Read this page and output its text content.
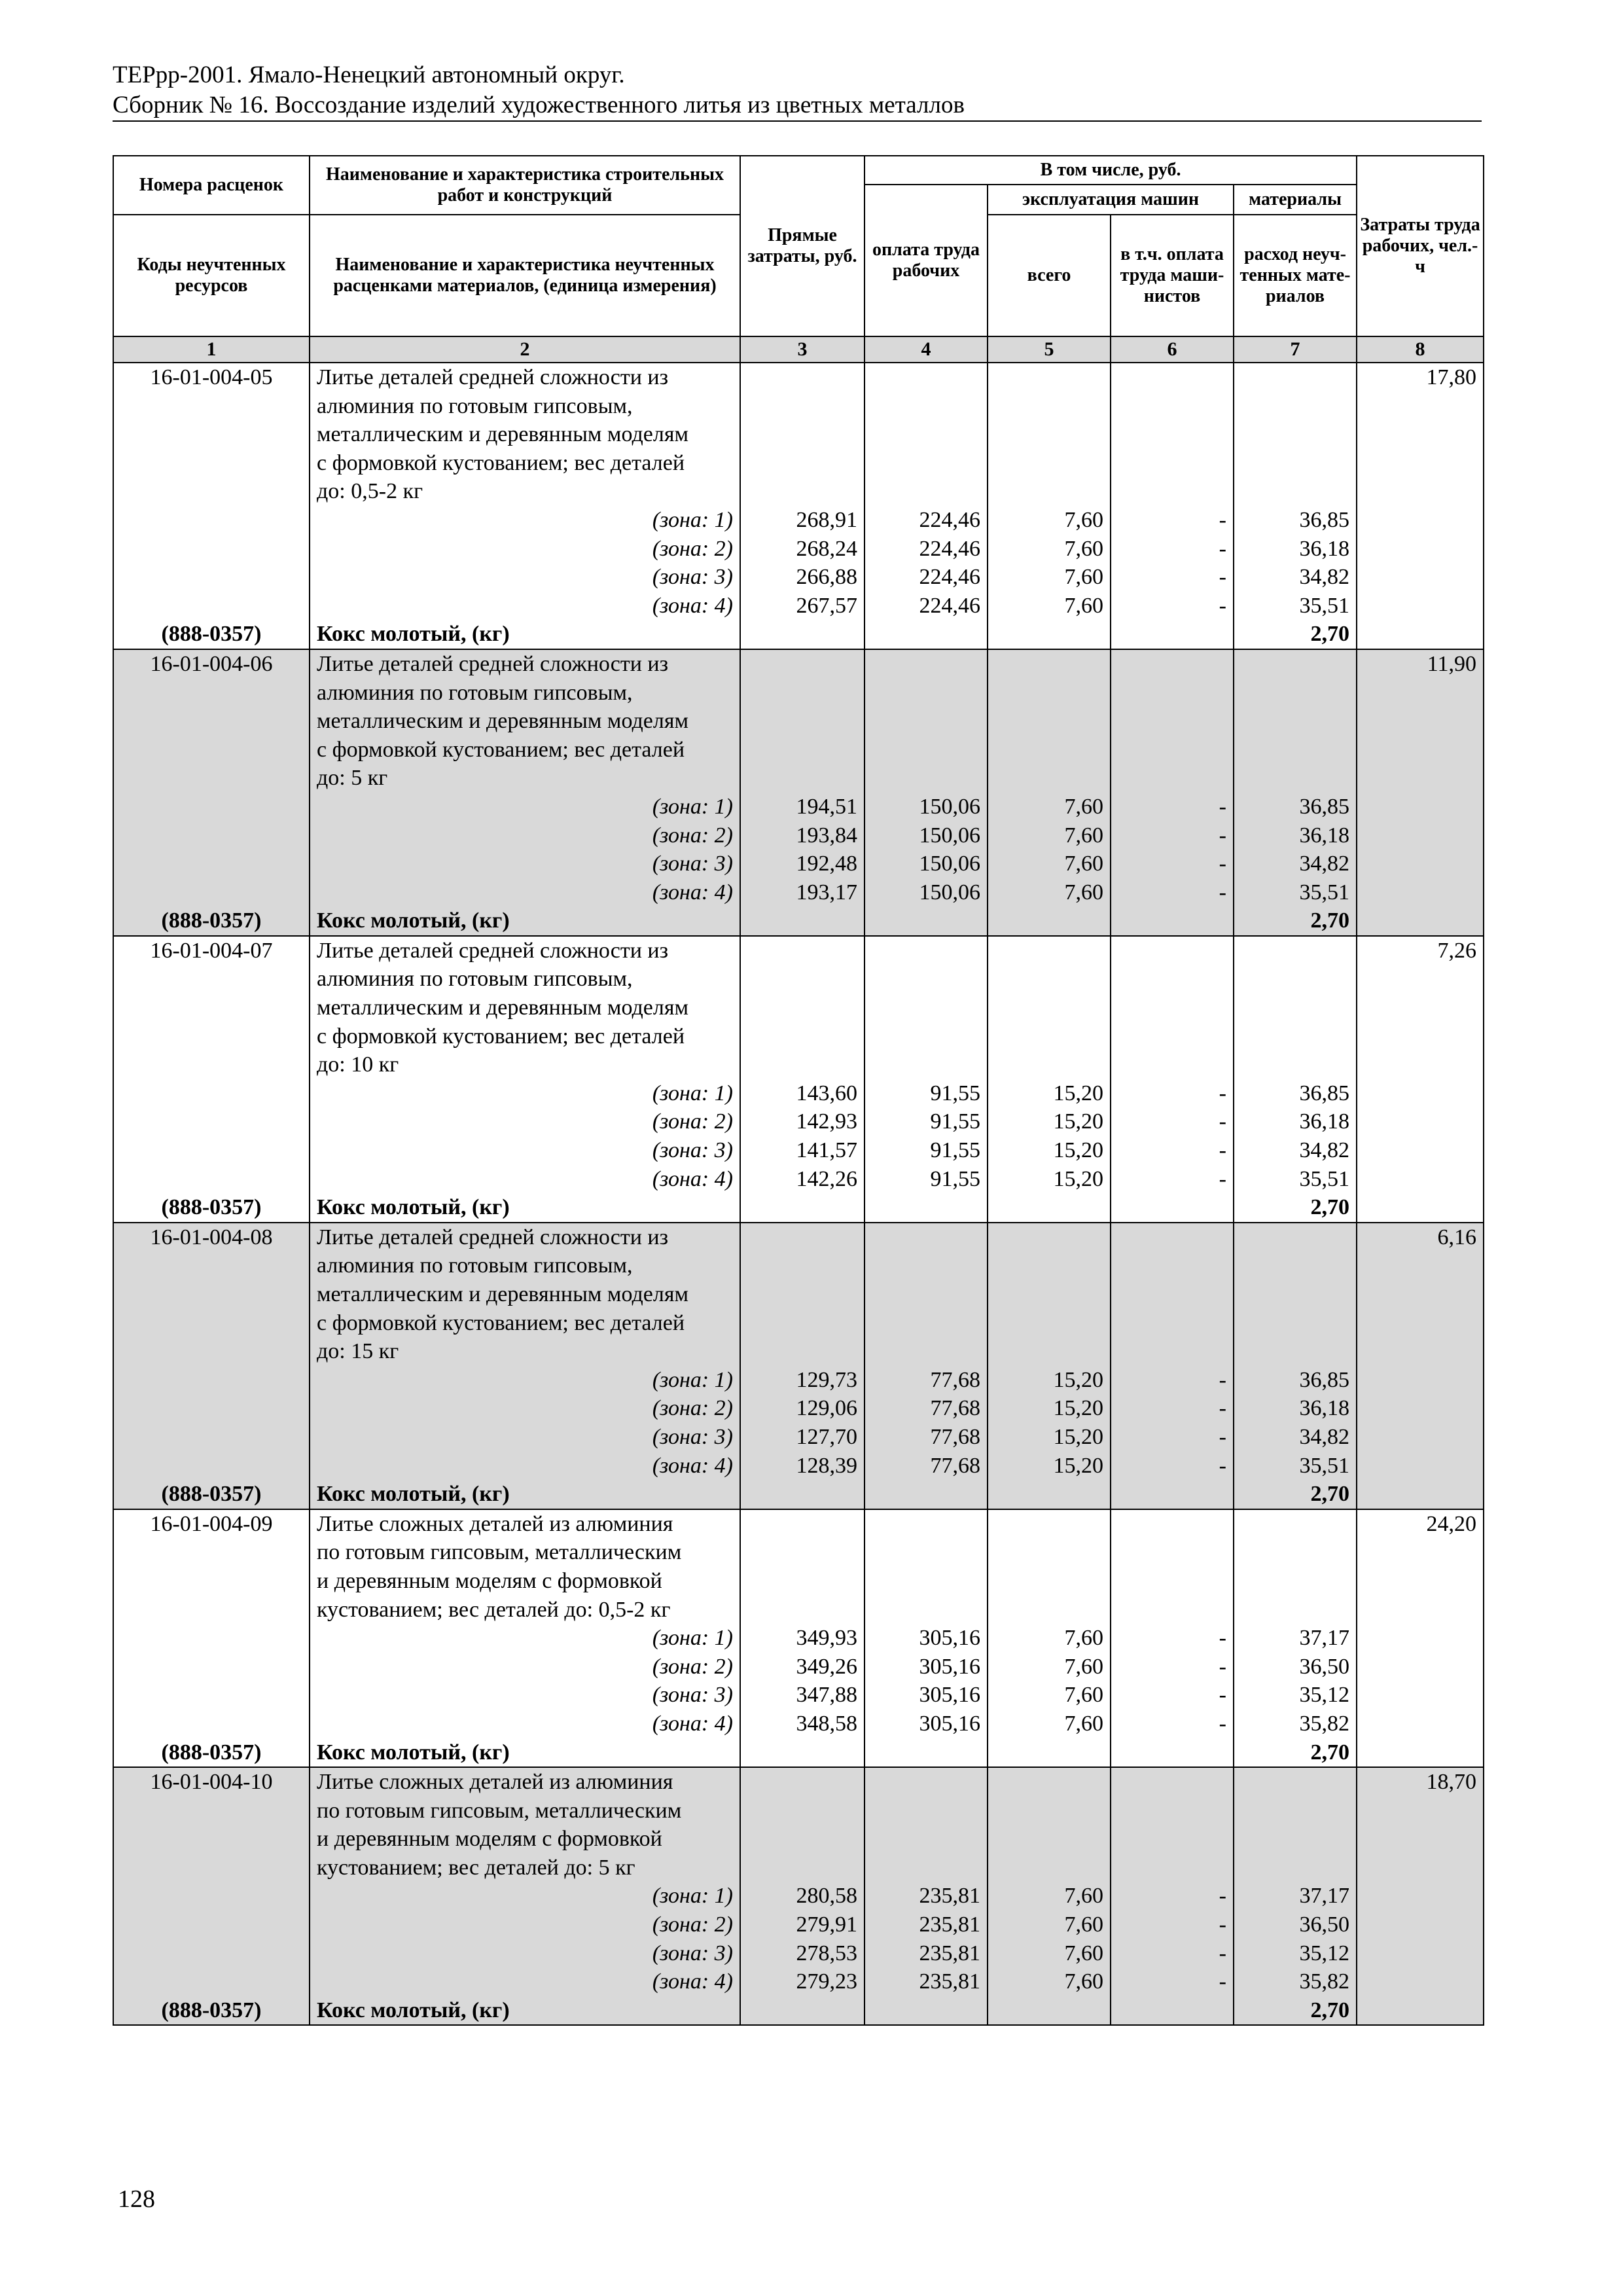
ТЕРрр-2001. Ямало-Ненецкий автономный округ.
Сборник № 16. Воссоздание изделий художественного литья из цветных металлов
Номера расценок	Наименование и характеристика строительных работ и конструкций	Прямые затраты, руб.	В том числе, руб.				Затраты труда рабочих, чел.-ч
			оплата труда рабочих	эксплуатация машин		материалы	
Коды неучтенных ресурсов	Наименование и характеристика неучтенных расценками материалов, (единица измерения)			всего	в т.ч. оплата труда маши-нистов	расход неуч-тенных мате-риалов	

1	2	3	4	5	6	7	8
16-01-004-05	Литье деталей средней сложности из						17,80
	алюминия по готовым гипсовым,						
	металлическим и деревянным моделям						
	с формовкой кустованием; вес деталей						
	до: 0,5-2 кг						
	(зона: 1)	268,91	224,46	7,60	-	36,85	
	(зона: 2)	268,24	224,46	7,60	-	36,18	
	(зона: 3)	266,88	224,46	7,60	-	34,82	
	(зона: 4)	267,57	224,46	7,60	-	35,51	
(888-0357)	Кокс молотый, (кг)					2,70	
16-01-004-06	Литье деталей средней сложности из						11,90
	алюминия по готовым гипсовым,						
	металлическим и деревянным моделям						
	с формовкой кустованием; вес деталей						
	до: 5 кг						
	(зона: 1)	194,51	150,06	7,60	-	36,85	
	(зона: 2)	193,84	150,06	7,60	-	36,18	
	(зона: 3)	192,48	150,06	7,60	-	34,82	
	(зона: 4)	193,17	150,06	7,60	-	35,51	
(888-0357)	Кокс молотый, (кг)					2,70	
16-01-004-07	Литье деталей средней сложности из						7,26
	алюминия по готовым гипсовым,						
	металлическим и деревянным моделям						
	с формовкой кустованием; вес деталей						
	до: 10 кг						
	(зона: 1)	143,60	91,55	15,20	-	36,85	
	(зона: 2)	142,93	91,55	15,20	-	36,18	
	(зона: 3)	141,57	91,55	15,20	-	34,82	
	(зона: 4)	142,26	91,55	15,20	-	35,51	
(888-0357)	Кокс молотый, (кг)					2,70	
16-01-004-08	Литье деталей средней сложности из						6,16
	алюминия по готовым гипсовым,						
	металлическим и деревянным моделям						
	с формовкой кустованием; вес деталей						
	до: 15 кг						
	(зона: 1)	129,73	77,68	15,20	-	36,85	
	(зона: 2)	129,06	77,68	15,20	-	36,18	
	(зона: 3)	127,70	77,68	15,20	-	34,82	
	(зона: 4)	128,39	77,68	15,20	-	35,51	
(888-0357)	Кокс молотый, (кг)					2,70	
16-01-004-09	Литье сложных деталей из алюминия						24,20
	по готовым гипсовым, металлическим						
	и деревянным моделям с формовкой						
	кустованием; вес деталей до: 0,5-2 кг						
	(зона: 1)	349,93	305,16	7,60	-	37,17	
	(зона: 2)	349,26	305,16	7,60	-	36,50	
	(зона: 3)	347,88	305,16	7,60	-	35,12	
	(зона: 4)	348,58	305,16	7,60	-	35,82	
(888-0357)	Кокс молотый, (кг)					2,70	
16-01-004-10	Литье сложных деталей из алюминия						18,70
	по готовым гипсовым, металлическим						
	и деревянным моделям с формовкой						
	кустованием; вес деталей до: 5 кг						
	(зона: 1)	280,58	235,81	7,60	-	37,17	
	(зона: 2)	279,91	235,81	7,60	-	36,50	
	(зона: 3)	278,53	235,81	7,60	-	35,12	
	(зона: 4)	279,23	235,81	7,60	-	35,82	
(888-0357)	Кокс молотый, (кг)					2,70	
128
